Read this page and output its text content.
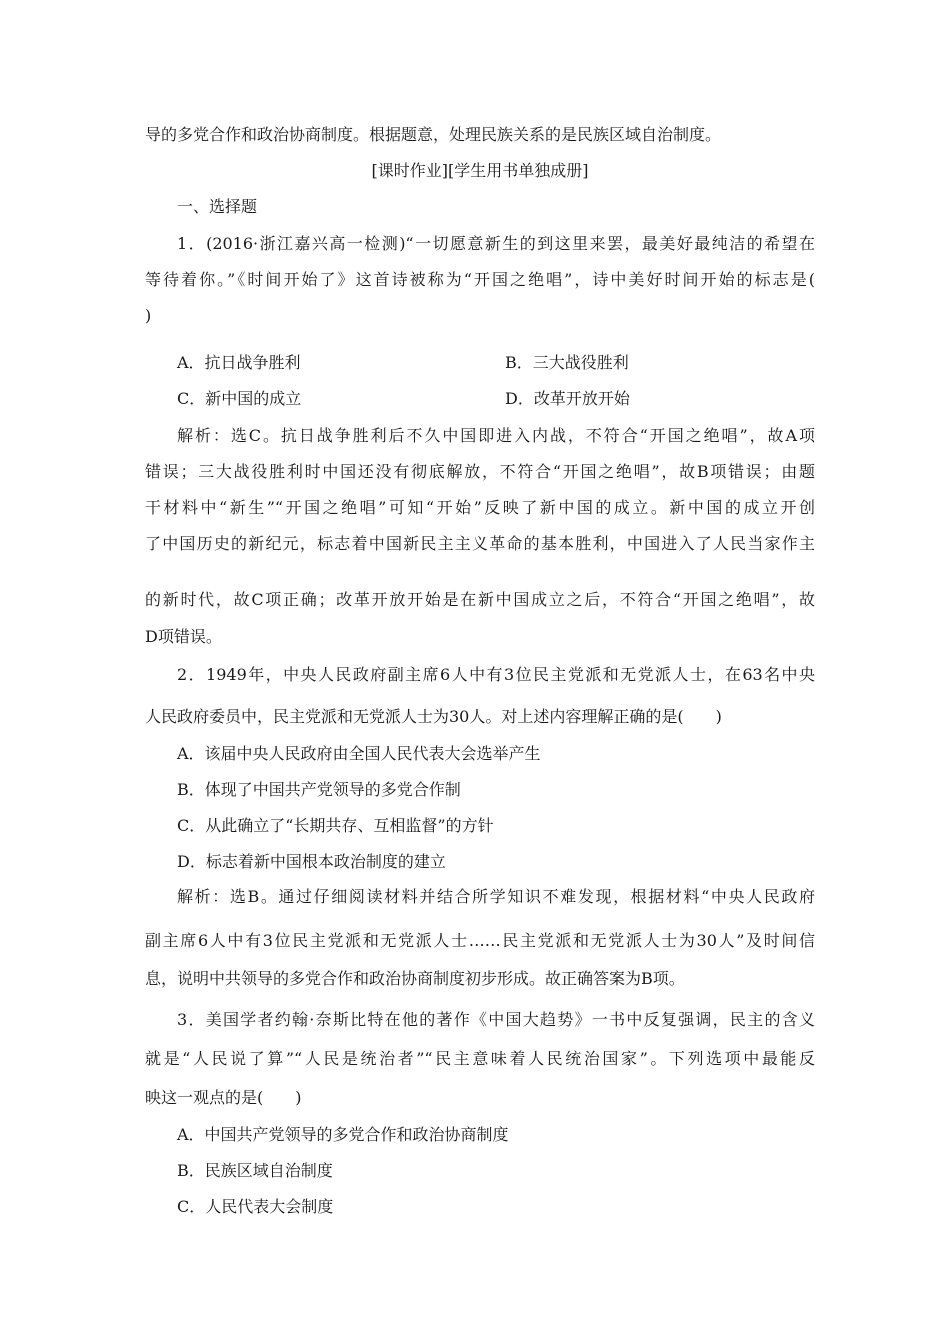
导的多党合作和政治协商制度。根据题意，处理民族关系的是民族区域自治制度。
[课时作业][学生用书单独成册]
一、选择题
1．(2016·浙江嘉兴高一检测)“一切愿意新生的到这里来罢，最美好最纯洁的希望在
等待着你。”《时间开始了》这首诗被称为“开国之绝唱”，诗中美好时间开始的标志是(
)
A．抗日战争胜利	B．三大战役胜利
C．新中国的成立	D．改革开放开始
解析：选C。抗日战争胜利后不久中国即进入内战，不符合“开国之绝唱”，故A项
错误；三大战役胜利时中国还没有彻底解放，不符合“开国之绝唱”，故B项错误；由题
干材料中“新生”“开国之绝唱”可知“开始”反映了新中国的成立。新中国的成立开创
了中国历史的新纪元，标志着中国新民主主义革命的基本胜利，中国进入了人民当家作主
的新时代，故C项正确；改革开放开始是在新中国成立之后，不符合“开国之绝唱”，故
D项错误。
2．1949年，中央人民政府副主席6人中有3位民主党派和无党派人士，在63名中央
人民政府委员中，民主党派和无党派人士为30人。对上述内容理解正确的是(　　)
A．该届中央人民政府由全国人民代表大会选举产生
B．体现了中国共产党领导的多党合作制
C．从此确立了“长期共存、互相监督”的方针
D．标志着新中国根本政治制度的建立
解析：选B。通过仔细阅读材料并结合所学知识不难发现，根据材料“中央人民政府
副主席6人中有3位民主党派和无党派人士……民主党派和无党派人士为30人”及时间信
息，说明中共领导的多党合作和政治协商制度初步形成。故正确答案为B项。
3．美国学者约翰·奈斯比特在他的著作《中国大趋势》一书中反复强调，民主的含义
就是“人民说了算”“人民是统治者”“民主意味着人民统治国家”。下列选项中最能反
映这一观点的是(　　)
A．中国共产党领导的多党合作和政治协商制度
B．民族区域自治制度
C．人民代表大会制度
